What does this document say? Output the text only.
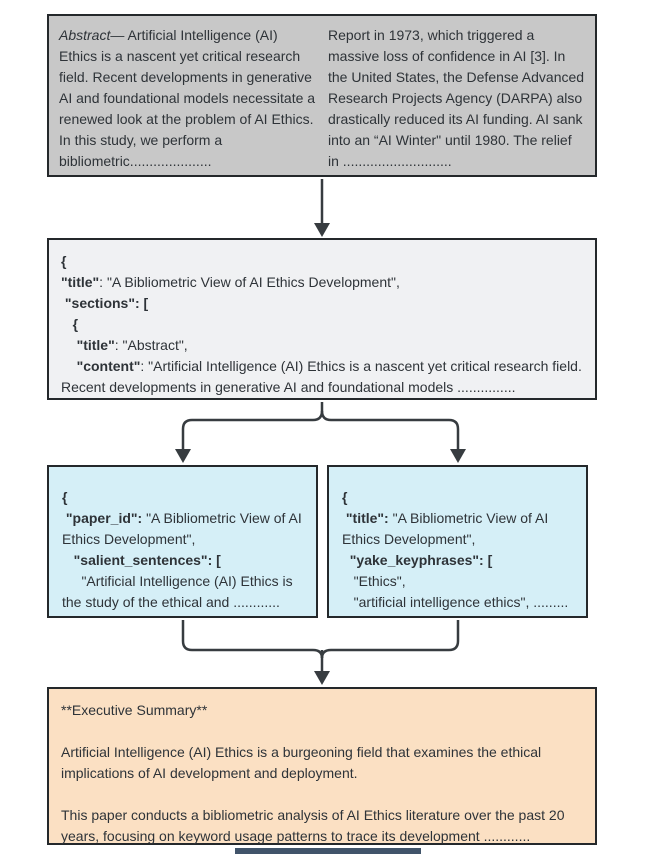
Abstract— Artificial Intelligence (AI) Ethics is a nascent yet critical research field. Recent developments in generative AI and foundational models necessitate a renewed look at the problem of AI Ethics. In this study, we perform a bibliometric.....................
Report in 1973, which triggered a massive loss of confidence in AI [3]. In the United States, the Defense Advanced Research Projects Agency (DARPA) also drastically reduced its AI funding. AI sank into an “AI Winter" until 1980. The relief in ............................
{
"title": "A Bibliometric View of AI Ethics Development",
"sections": [
{
"title": "Abstract",
"content": "Artificial Intelligence (AI) Ethics is a nascent yet critical research field. Recent developments in generative AI and foundational models ...............
{
"paper_id": "A Bibliometric View of AI Ethics Development",
"salient_sentences": [
"Artificial Intelligence (AI) Ethics is the study of the ethical and ............
{
"title": "A Bibliometric View of AI Ethics Development",
"yake_keyphrases": [
"Ethics",
"artificial intelligence ethics", .........
**Executive Summary**

Artificial Intelligence (AI) Ethics is a burgeoning field that examines the ethical implications of AI development and deployment.

This paper conducts a bibliometric analysis of AI Ethics literature over the past 20 years, focusing on keyword usage patterns to trace its development ............
